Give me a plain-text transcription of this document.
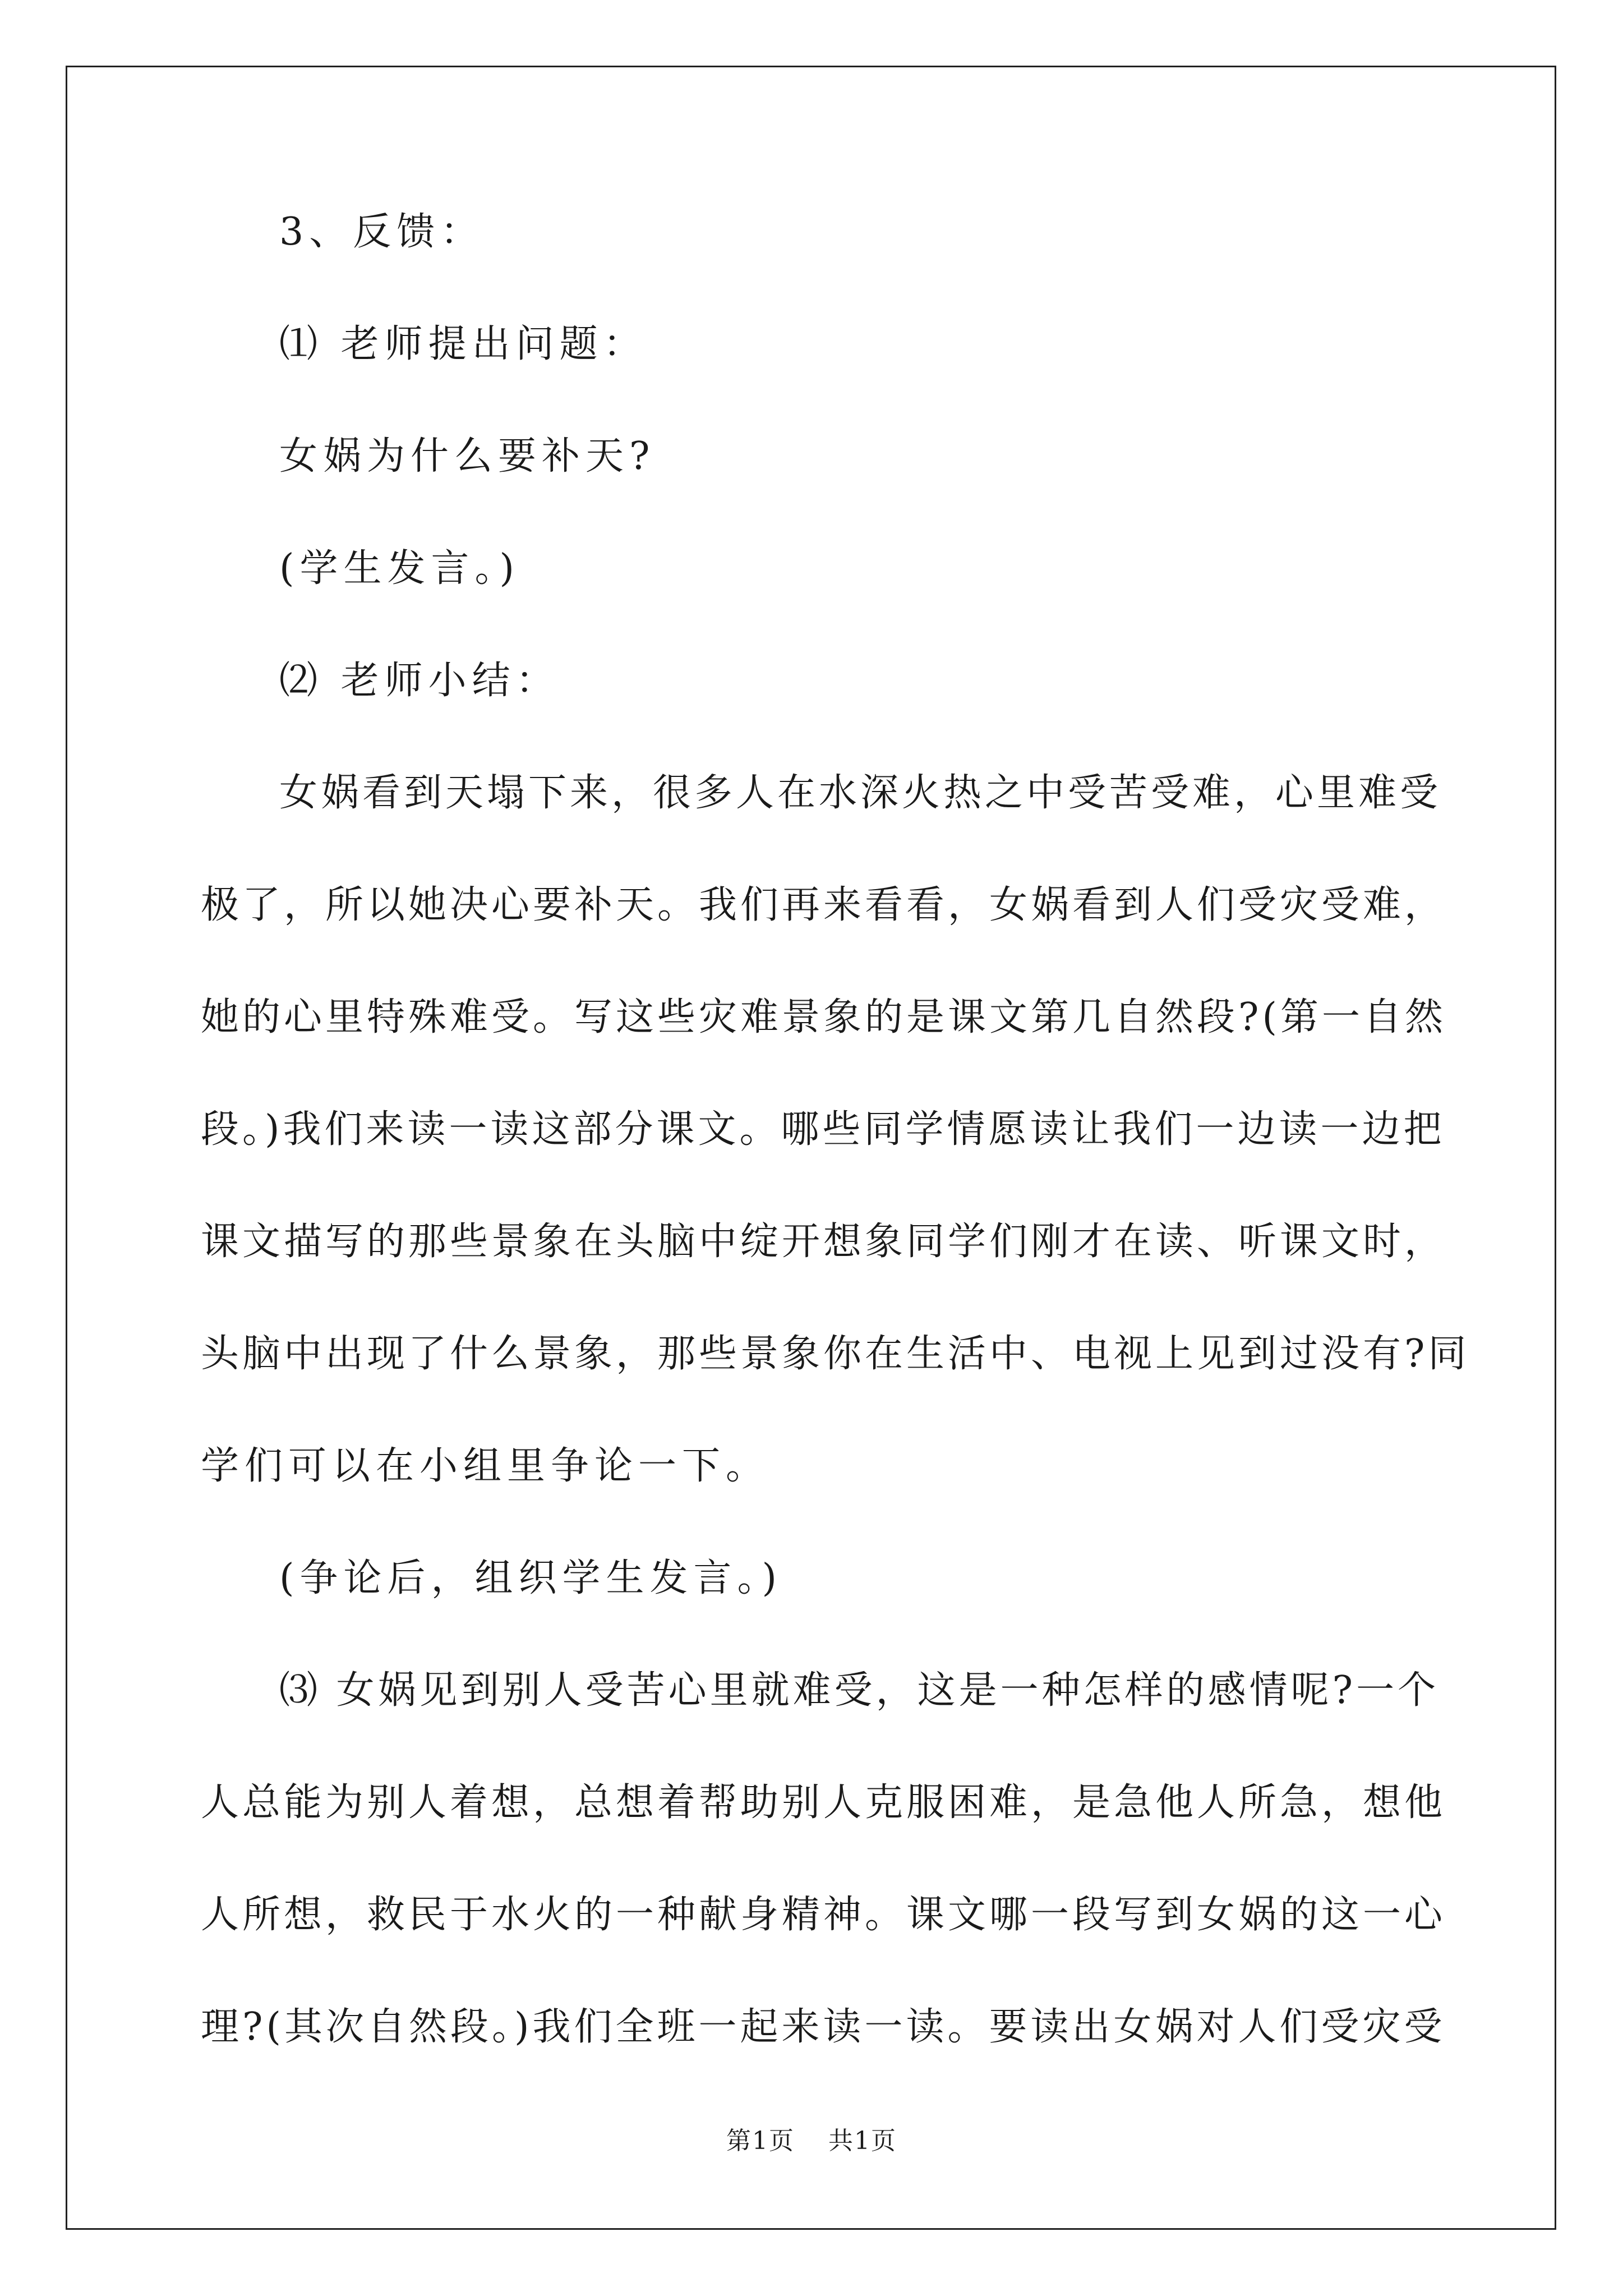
3、反馈：
⑴ 老师提出问题：
女娲为什么要补天?
(学生发言。)
⑵ 老师小结：
女娲看到天塌下来，很多人在水深火热之中受苦受难，心里难受
极了，所以她决心要补天。我们再来看看，女娲看到人们受灾受难，
她的心里特殊难受。写这些灾难景象的是课文第几自然段?(第一自然
段。)我们来读一读这部分课文。哪些同学情愿读让我们一边读一边把
课文描写的那些景象在头脑中绽开想象同学们刚才在读、听课文时，
头脑中出现了什么景象，那些景象你在生活中、电视上见到过没有?同
学们可以在小组里争论一下。
(争论后，组织学生发言。)
⑶ 女娲见到别人受苦心里就难受，这是一种怎样的感情呢?一个
人总能为别人着想，总想着帮助别人克服困难，是急他人所急，想他
人所想，救民于水火的一种献身精神。课文哪一段写到女娲的这一心
理?(其次自然段。)我们全班一起来读一读。要读出女娲对人们受灾受
第1页 共1页
